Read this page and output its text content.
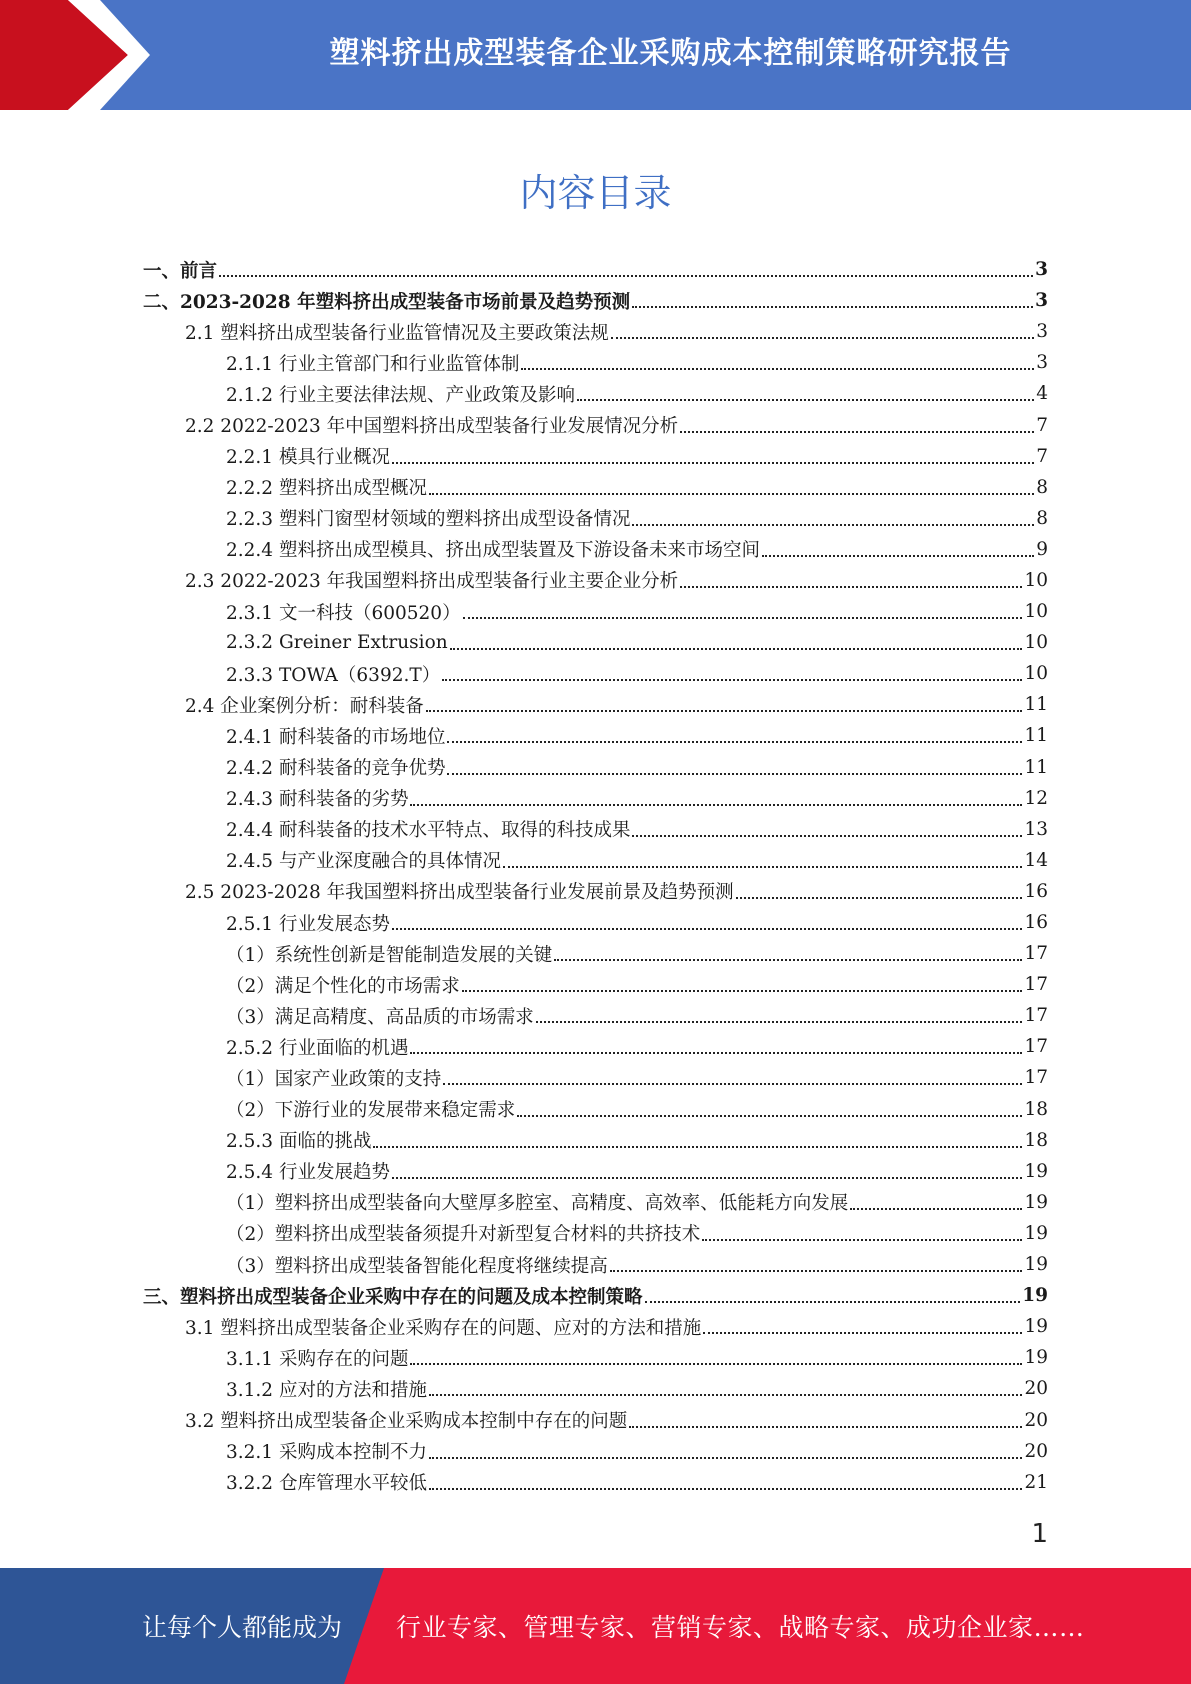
塑料挤出成型装备企业采购成本控制策略研究报告
内容目录
一、前言	3
二、2023-2028 年塑料挤出成型装备市场前景及趋势预测	3
2.1 塑料挤出成型装备行业监管情况及主要政策法规	3
2.1.1 行业主管部门和行业监管体制	3
2.1.2 行业主要法律法规、产业政策及影响	4
2.2 2022-2023 年中国塑料挤出成型装备行业发展情况分析	7
2.2.1 模具行业概况	7
2.2.2 塑料挤出成型概况	8
2.2.3 塑料门窗型材领域的塑料挤出成型设备情况	8
2.2.4 塑料挤出成型模具、挤出成型装置及下游设备未来市场空间	9
2.3 2022-2023 年我国塑料挤出成型装备行业主要企业分析	10
2.3.1 文一科技（600520）	10
2.3.2 Greiner Extrusion	10
2.3.3 TOWA（6392.T）	10
2.4 企业案例分析：耐科装备	11
2.4.1 耐科装备的市场地位	11
2.4.2 耐科装备的竞争优势	11
2.4.3 耐科装备的劣势	12
2.4.4 耐科装备的技术水平特点、取得的科技成果	13
2.4.5 与产业深度融合的具体情况	14
2.5 2023-2028 年我国塑料挤出成型装备行业发展前景及趋势预测	16
2.5.1 行业发展态势	16
（1）系统性创新是智能制造发展的关键	17
（2）满足个性化的市场需求	17
（3）满足高精度、高品质的市场需求	17
2.5.2 行业面临的机遇	17
（1）国家产业政策的支持	17
（2）下游行业的发展带来稳定需求	18
2.5.3 面临的挑战	18
2.5.4 行业发展趋势	19
（1）塑料挤出成型装备向大壁厚多腔室、高精度、高效率、低能耗方向发展	19
（2）塑料挤出成型装备须提升对新型复合材料的共挤技术	19
（3）塑料挤出成型装备智能化程度将继续提高	19
三、塑料挤出成型装备企业采购中存在的问题及成本控制策略	19
3.1 塑料挤出成型装备企业采购存在的问题、应对的方法和措施	19
3.1.1 采购存在的问题	19
3.1.2 应对的方法和措施	20
3.2 塑料挤出成型装备企业采购成本控制中存在的问题	20
3.2.1 采购成本控制不力	20
3.2.2 仓库管理水平较低	21
1
让每个人都能成为 行业专家、管理专家、营销专家、战略专家、成功企业家……
